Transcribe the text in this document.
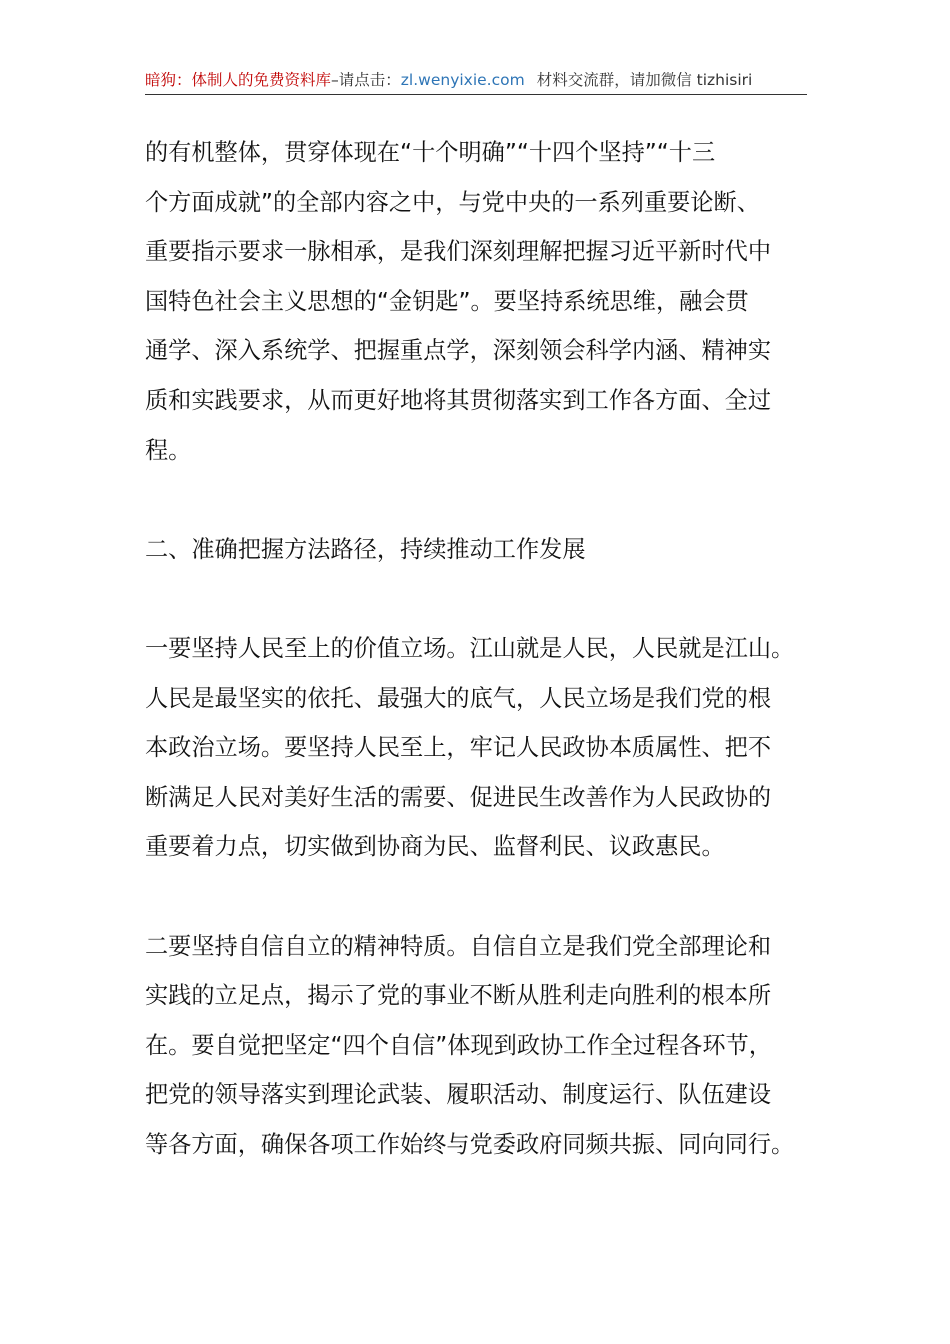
暗狗：体制人的免费资料库–请点击：zl.wenyixie.com 材料交流群，请加微信 tizhisiri
的有机整体，贯穿体现在“十个明确”“十四个坚持”“十三
个方面成就”的全部内容之中，与党中央的一系列重要论断、
重要指示要求一脉相承，是我们深刻理解把握习近平新时代中
国特色社会主义思想的“金钥匙”。要坚持系统思维，融会贯
通学、深入系统学、把握重点学，深刻领会科学内涵、精神实
质和实践要求，从而更好地将其贯彻落实到工作各方面、全过
程。
二、准确把握方法路径，持续推动工作发展
一要坚持人民至上的价值立场。江山就是人民，人民就是江山。
人民是最坚实的依托、最强大的底气，人民立场是我们党的根
本政治立场。要坚持人民至上，牢记人民政协本质属性、把不
断满足人民对美好生活的需要、促进民生改善作为人民政协的
重要着力点，切实做到协商为民、监督利民、议政惠民。
二要坚持自信自立的精神特质。自信自立是我们党全部理论和
实践的立足点，揭示了党的事业不断从胜利走向胜利的根本所
在。要自觉把坚定“四个自信”体现到政协工作全过程各环节，
把党的领导落实到理论武装、履职活动、制度运行、队伍建设
等各方面，确保各项工作始终与党委政府同频共振、同向同行。
